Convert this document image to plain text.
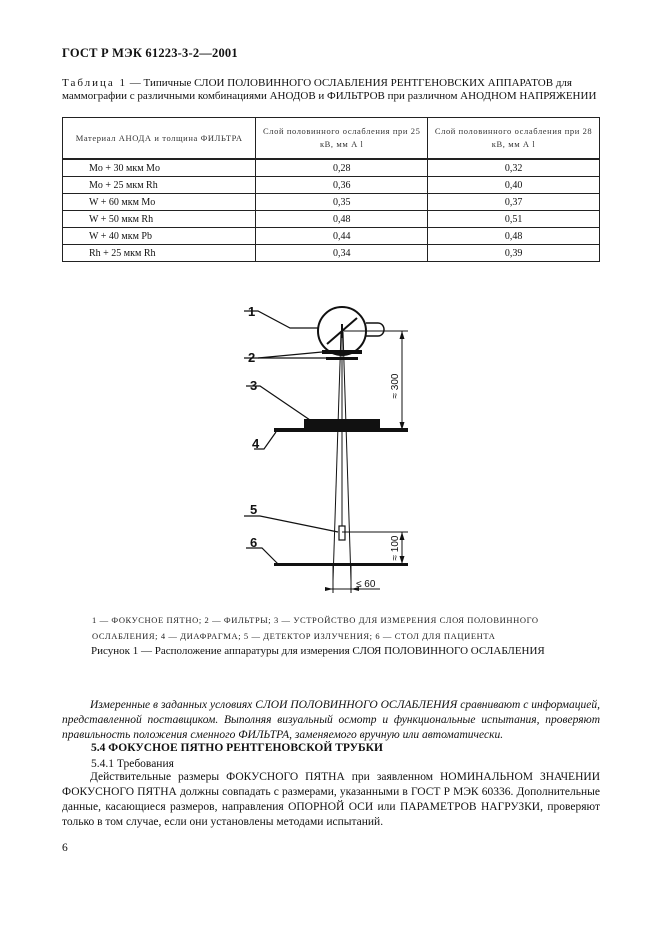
ГОСТ Р МЭК 61223-3-2—2001
Таблица 1 — Типичные СЛОИ ПОЛОВИННОГО ОСЛАБЛЕНИЯ РЕНТГЕНОВСКИХ АППАРАТОВ для маммографии с различными комбинациями АНОДОВ и ФИЛЬТРОВ при различном АНОДНОМ НАПРЯЖЕНИИ
Материал АНОДА и толщина ФИЛЬТРА	Слой половинного ослабления при 25 кВ, мм А l	Слой половинного ослабления при 28 кВ, мм А l
Mo + 30 мкм Mo	0,28	0,32
Mo + 25 мкм Rh	0,36	0,40
W + 60 мкм Mo	0,35	0,37
W + 50 мкм Rh	0,48	0,51
W + 40 мкм Pb	0,44	0,48
Rh + 25 мкм Rh	0,34	0,39
≈ 300
≈ 100
≤ 60
1
2
3
4
5
6
1 — ФОКУСНОЕ ПЯТНО; 2 — ФИЛЬТРЫ; 3 — УСТРОЙСТВО ДЛЯ ИЗМЕРЕНИЯ СЛОЯ ПОЛОВИННОГО ОСЛАБЛЕНИЯ; 4 — ДИАФРАГМА; 5 — ДЕТЕКТОР ИЗЛУЧЕНИЯ; 6 — СТОЛ ДЛЯ ПАЦИЕНТА
Рисунок 1 — Расположение аппаратуры для измерения СЛОЯ ПОЛОВИННОГО ОСЛАБЛЕНИЯ
Измеренные в заданных условиях СЛОИ ПОЛОВИННОГО ОСЛАБЛЕНИЯ сравнивают с информацией, представленной поставщиком. Выполняя визуальный осмотр и функциональные испытания, проверяют правильность положения сменного ФИЛЬТРА, заменяемого вручную или автоматически.
5.4 ФОКУСНОЕ ПЯТНО РЕНТГЕНОВСКОЙ ТРУБКИ
5.4.1 Требования
Действительные размеры ФОКУСНОГО ПЯТНА при заявленном НОМИНАЛЬНОМ ЗНАЧЕНИИ ФОКУСНОГО ПЯТНА должны совпадать с размерами, указанными в ГОСТ Р МЭК 60336. Дополнительные данные, касающиеся размеров, направления ОПОРНОЙ ОСИ или ПАРАМЕТРОВ НАГРУЗКИ, проверяют только в том случае, если они установлены методами испытаний.
6
